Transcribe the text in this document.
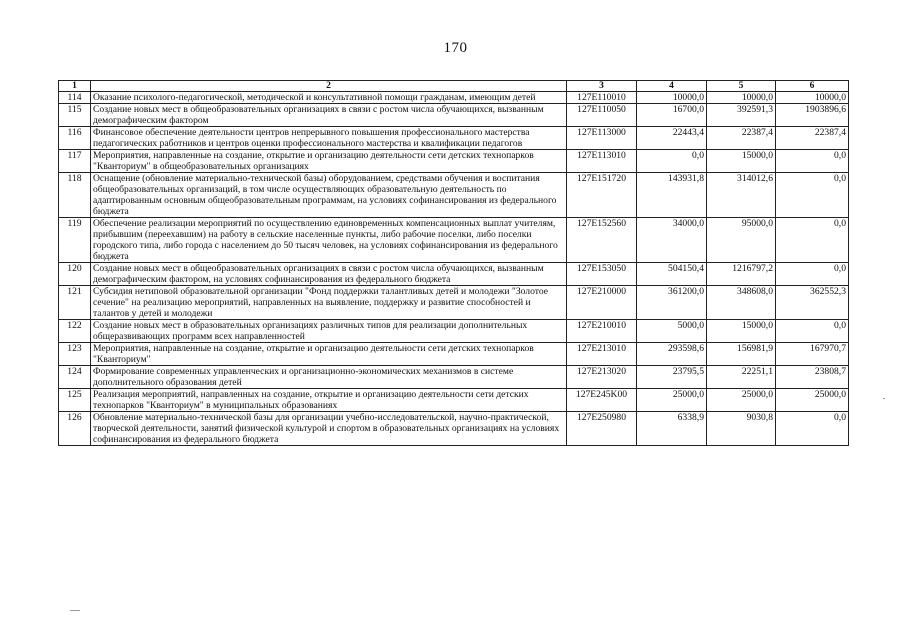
170
1	2	3	4	5	6
114	Оказание психолого-педагогической, методической и консультативной помощи гражданам, имеющим детей	127E110010	10000,0	10000,0	10000,0
115	Создание новых мест в общеобразовательных организациях в связи с ростом числа обучающихся, вызванным демографическим фактором	127E110050	16700,0	392591,3	1903896,6
116	Финансовое обеспечение деятельности центров непрерывного повышения профессионального мастерства педагогических работников и центров оценки профессионального мастерства и квалификации педагогов	127E113000	22443,4	22387,4	22387,4
117	Мероприятия, направленные на создание, открытие и организацию деятельности сети детских технопарков "Кванториум" в общеобразовательных организациях	127E113010	0,0	15000,0	0,0
118	Оснащение (обновление материально-технической базы) оборудованием, средствами обучения и воспитания общеобразовательных организаций, в том числе осуществляющих образовательную деятельность по адаптированным основным общеобразовательным программам, на условиях софинансирования из федерального бюджета	127E151720	143931,8	314012,6	0,0
119	Обеспечение реализации мероприятий по осуществлению единовременных компенсационных выплат учителям, прибывшим (переехавшим) на работу в сельские населенные пункты, либо рабочие поселки, либо поселки городского типа, либо города с населением до 50 тысяч человек, на условиях софинансирования из федерального бюджета	127E152560	34000,0	95000,0	0,0
120	Создание новых мест в общеобразовательных организациях в связи с ростом числа обучающихся, вызванным демографическим фактором, на условиях софинансирования из федерального бюджета	127E153050	504150,4	1216797,2	0,0
121	Субсидия нетиповой образовательной организации "Фонд поддержки талантливых детей и молодежи "Золотое сечение" на реализацию мероприятий, направленных на выявление, поддержку и развитие способностей и талантов у детей и молодежи	127E210000	361200,0	348608,0	362552,3
122	Создание новых мест в образовательных организациях различных типов для реализации дополнительных общеразвивающих программ всех направленностей	127E210010	5000,0	15000,0	0,0
123	Мероприятия, направленные на создание, открытие и организацию деятельности сети детских технопарков "Кванториум"	127E213010	293598,6	156981,9	167970,7
124	Формирование современных управленческих и организационно-экономических механизмов в системе дополнительного образования детей	127E213020	23795,5	22251,1	23808,7
125	Реализация мероприятий, направленных на создание, открытие и организацию деятельности сети детских технопарков "Кванториум" в муниципальных образованиях	127E245K00	25000,0	25000,0	25000,0
126	Обновление материально-технической базы для организации учебно-исследовательской, научно-практической, творческой деятельности, занятий физической культурой и спортом в образовательных организациях на условиях софинансирования из федерального бюджета	127E250980	6338,9	9030,8	0,0
